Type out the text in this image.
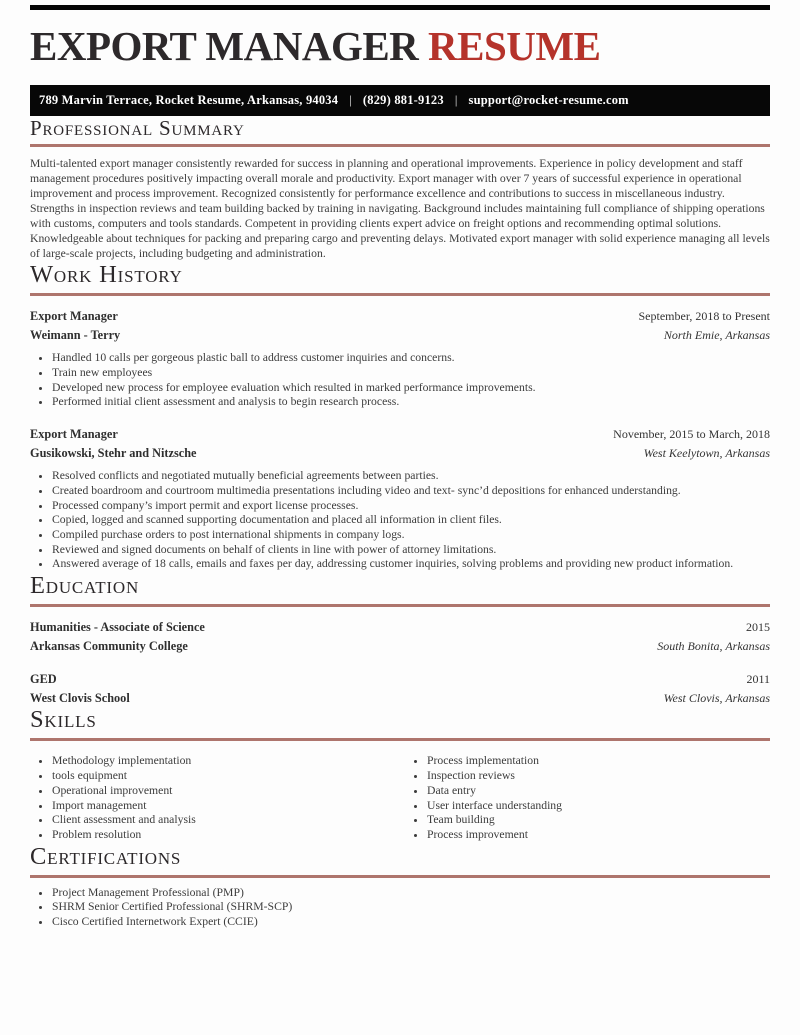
EXPORT MANAGER RESUME
789 Marvin Terrace, Rocket Resume, Arkansas, 94034 | (829) 881-9123 | support@rocket-resume.com
Professional Summary

Multi-talented export manager consistently rewarded for success in planning and operational improvements. Experience in policy development and staff management procedures positively impacting overall morale and productivity. Export manager with over 7 years of successful experience in operational improvement and process improvement. Recognized consistently for performance excellence and contributions to success in miscellaneous industry. Strengths in inspection reviews and team building backed by training in navigating. Background includes maintaining full compliance of shipping operations with customs, computers and tools standards. Competent in providing clients expert advice on freight options and recommending optimal solutions. Knowledgeable about techniques for packing and preparing cargo and preventing delays. Motivated export manager with solid experience managing all levels of large-scale projects, including budgeting and administration.

Work History
Export Manager	September, 2018 to Present
Weimann - Terry	North Emie, Arkansas
• Handled 10 calls per gorgeous plastic ball to address customer inquiries and concerns.
• Train new employees
• Developed new process for employee evaluation which resulted in marked performance improvements.
• Performed initial client assessment and analysis to begin research process.
Export Manager	November, 2015 to March, 2018
Gusikowski, Stehr and Nitzsche	West Keelytown, Arkansas
• Resolved conflicts and negotiated mutually beneficial agreements between parties.
• Created boardroom and courtroom multimedia presentations including video and text- sync’d depositions for enhanced understanding.
• Processed company’s import permit and export license processes.
• Copied, logged and scanned supporting documentation and placed all information in client files.
• Compiled purchase orders to post international shipments in company logs.
• Reviewed and signed documents on behalf of clients in line with power of attorney limitations.
• Answered average of 18 calls, emails and faxes per day, addressing customer inquiries, solving problems and providing new product information.
Education
Humanities - Associate of Science	2015
Arkansas Community College	South Bonita, Arkansas
GED	2011
West Clovis School	West Clovis, Arkansas
Skills
• Methodology implementation
• tools equipment
• Operational improvement
• Import management
• Client assessment and analysis
• Problem resolution
• Process implementation
• Inspection reviews
• Data entry
• User interface understanding
• Team building
• Process improvement
Certifications
• Project Management Professional (PMP)
• SHRM Senior Certified Professional (SHRM-SCP)
• Cisco Certified Internetwork Expert (CCIE)
